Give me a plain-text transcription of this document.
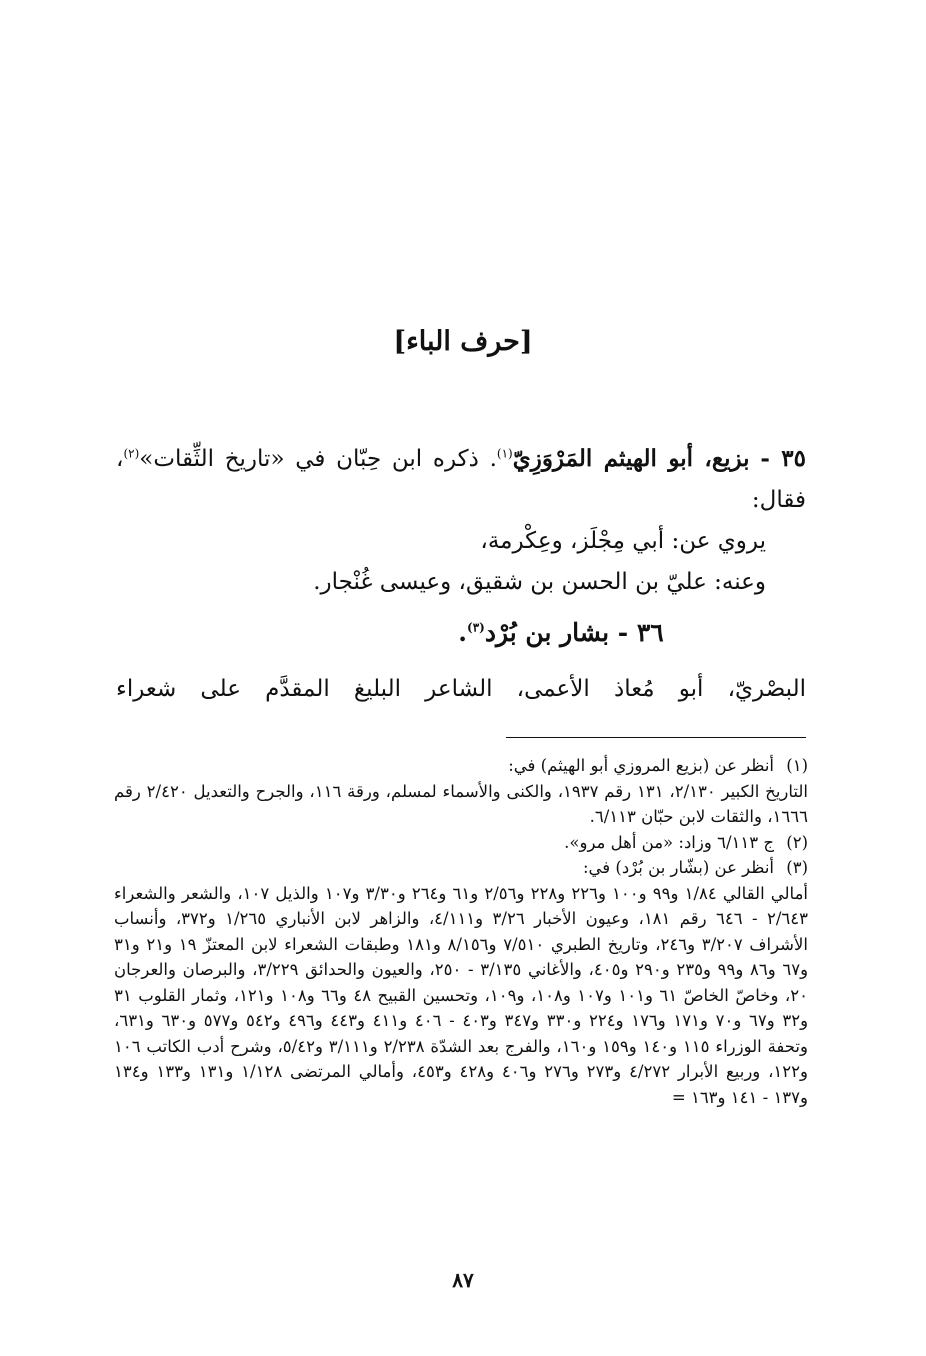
[حرف الباء]

٣٥ - بزيع، أبو الهيثم المَرْوَزِيّ$^{(١)}$. ذكره ابن حِبّان في «تاريخ الثِّقات»$^{(٢)}$، فقال:

يروي عن: أبي مِجْلَز، وعِكْرمة،

وعنه: عليّ بن الحسن بن شقيق، وعيسى غُنْجار.

٣٦ - بشار بن بُرْد$^{(٣)}$.

البصْريّ، أبو مُعاذ الأعمى، الشاعر البليغ المقدَّم على شعراء

(١)أنظر عن (بزيع المروزي أبو الهيثم) في:
التاريخ الكبير ٢/١٣٠، ١٣١ رقم ١٩٣٧، والكنى والأسماء لمسلم، ورقة ١١٦، والجرح والتعديل ٢/٤٢٠ رقم ١٦٦٦، والثقات لابن حبّان ٦/١١٣.

(٢)ج ٦/١١٣ وزاد: «من أهل مرو».

(٣)أنظر عن (بشّار بن بُرْد) في:
أمالي القالي ١/٨٤ و٩٩ و١٠٠ و٢٢٦ و٢٢٨ و٢/٥٦ و٦١ و٢٦٤ و٣/٣٠ و١٠٧ والذيل ١٠٧، والشعر والشعراء ٢/٦٤٣ - ٦٤٦ رقم ١٨١، وعيون الأخبار ٣/٢٦ و٤/١١١، والزاهر لابن الأنباري ١/٢٦٥ و٣٧٢، وأنساب الأشراف ٣/٢٠٧ و٢٤٦، وتاريخ الطبري ٧/٥١٠ و٨/١٥٦ و١٨١ وطبقات الشعراء لابن المعتزّ ١٩ و٢١ و٣١ و٦٧ و٨٦ و٩٩ و٢٣٥ و٢٩٠ و٤٠٥، والأغاني ٣/١٣٥ - ٢٥٠، والعيون والحدائق ٣/٢٢٩، والبرصان والعرجان ٢٠، وخاصّ الخاصّ ٦١ و١٠١ و١٠٧ و١٠٨، و١٠٩، وتحسين القبيح ٤٨ و٦٦ و١٠٨ و١٢١، وثمار القلوب ٣١ و٣٢ و٦٧ و٧٠ و١٧١ و١٧٦ و٢٢٤ و٣٣٠ و٣٤٧ و٤٠٣ - ٤٠٦ و٤١١ و٤٤٣ و٤٩٦ و٥٤٢ و٥٧٧ و٦٣٠ و٦٣١، وتحفة الوزراء ١١٥ و١٤٠ و١٥٩ و١٦٠، والفرج بعد الشدّة ٢/٢٣٨ و٣/١١١ و٥/٤٢، وشرح أدب الكاتب ١٠٦ و١٢٢، وربيع الأبرار ٤/٢٧٢ و٢٧٣ و٢٧٦ و٤٠٦ و٤٢٨ و٤٥٣، وأمالي المرتضى ١/١٢٨ و١٣١ و١٣٣ و١٣٤ و١٣٧ - ١٤١ و١٦٣ =

٨٧
